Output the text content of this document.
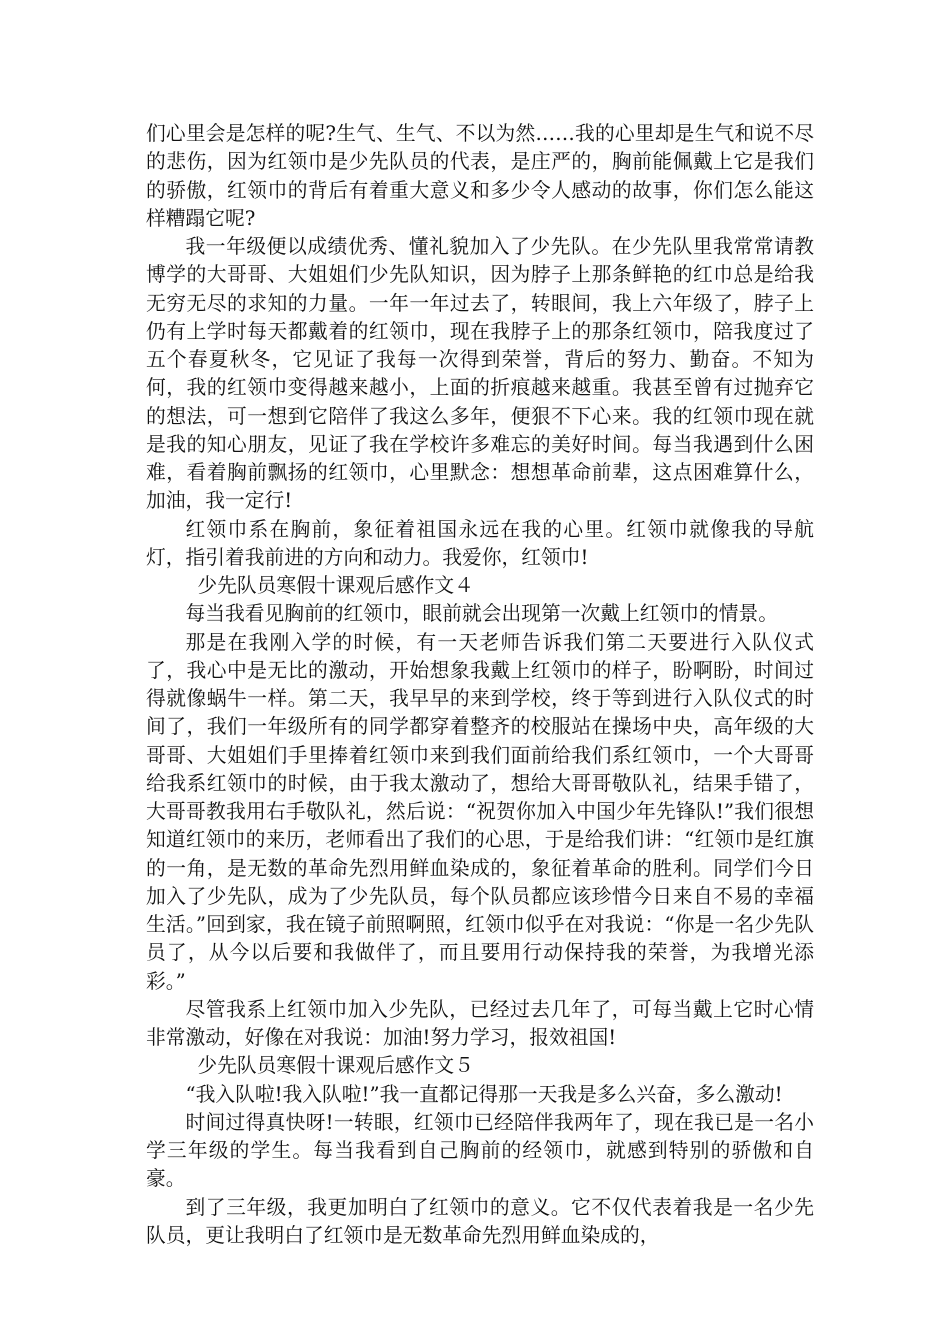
们心里会是怎样的呢?生气、生气、不以为然……我的心里却是生气和说不尽的悲伤，因为红领巾是少先队员的代表，是庄严的，胸前能佩戴上它是我们的骄傲，红领巾的背后有着重大意义和多少令人感动的故事，你们怎么能这样糟蹋它呢?

我一年级便以成绩优秀、懂礼貌加入了少先队。在少先队里我常常请教博学的大哥哥、大姐姐们少先队知识，因为脖子上那条鲜艳的红巾总是给我无穷无尽的求知的力量。一年一年过去了，转眼间，我上六年级了，脖子上仍有上学时每天都戴着的红领巾，现在我脖子上的那条红领巾，陪我度过了五个春夏秋冬，它见证了我每一次得到荣誉，背后的努力、勤奋。不知为何，我的红领巾变得越来越小，上面的折痕越来越重。我甚至曾有过抛弃它的想法，可一想到它陪伴了我这么多年，便狠不下心来。我的红领巾现在就是我的知心朋友，见证了我在学校许多难忘的美好时间。每当我遇到什么困难，看着胸前飘扬的红领巾，心里默念：想想革命前辈，这点困难算什么，加油，我一定行!

红领巾系在胸前，象征着祖国永远在我的心里。红领巾就像我的导航灯，指引着我前进的方向和动力。我爱你，红领巾!

少先队员寒假十课观后感作文４

每当我看见胸前的红领巾，眼前就会出现第一次戴上红领巾的情景。

那是在我刚入学的时候，有一天老师告诉我们第二天要进行入队仪式了，我心中是无比的激动，开始想象我戴上红领巾的样子，盼啊盼，时间过得就像蜗牛一样。第二天，我早早的来到学校，终于等到进行入队仪式的时间了，我们一年级所有的同学都穿着整齐的校服站在操场中央，高年级的大哥哥、大姐姐们手里捧着红领巾来到我们面前给我们系红领巾，一个大哥哥给我系红领巾的时候，由于我太激动了，想给大哥哥敬队礼，结果手错了，大哥哥教我用右手敬队礼，然后说：“祝贺你加入中国少年先锋队!”我们很想知道红领巾的来历，老师看出了我们的心思，于是给我们讲：“红领巾是红旗的一角，是无数的革命先烈用鲜血染成的，象征着革命的胜利。同学们今日加入了少先队，成为了少先队员，每个队员都应该珍惜今日来自不易的幸福生活。”回到家，我在镜子前照啊照，红领巾似乎在对我说：“你是一名少先队员了，从今以后要和我做伴了，而且要用行动保持我的荣誉，为我增光添彩。”

尽管我系上红领巾加入少先队，已经过去几年了，可每当戴上它时心情非常激动，好像在对我说：加油!努力学习，报效祖国!

少先队员寒假十课观后感作文５

“我入队啦!我入队啦!”我一直都记得那一天我是多么兴奋，多么激动!

时间过得真快呀!一转眼，红领巾已经陪伴我两年了，现在我已是一名小学三年级的学生。每当我看到自己胸前的经领巾，就感到特别的骄傲和自豪。

到了三年级，我更加明白了红领巾的意义。它不仅代表着我是一名少先队员，更让我明白了红领巾是无数革命先烈用鲜血染成的，
